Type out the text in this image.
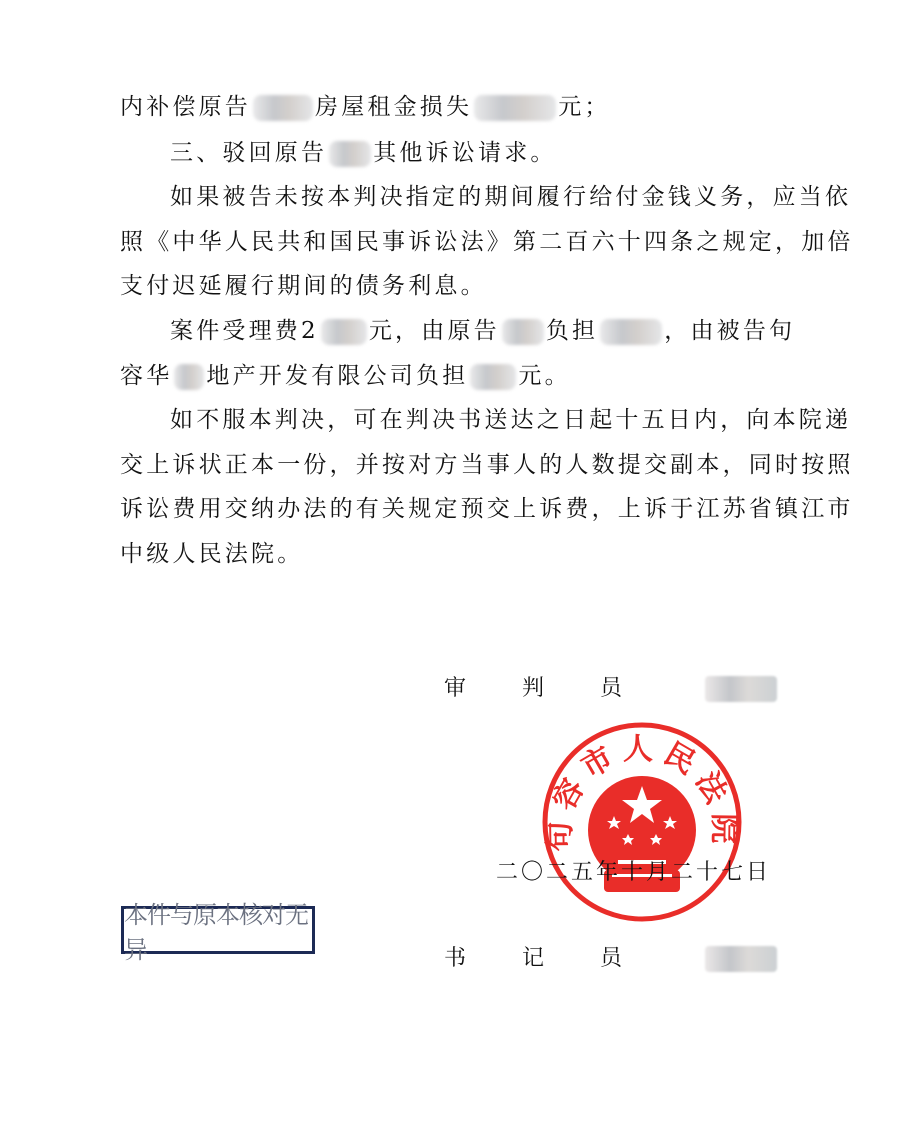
内补偿原告	房屋租金损失	元；
三、驳回原告 其他诉讼请求。
如果被告未按本判决指定的期间履行给付金钱义务，应当依
照《中华人民共和国民事诉讼法》第二百六十四条之规定，加倍
支付迟延履行期间的债务利息。
案件受理费2 元，由原告 负担	，由被告句
容华 地产开发有限公司负担 元。
如不服本判决，可在判决书送达之日起十五日内，向本院递
交上诉状正本一份，并按对方当事人的人数提交副本，同时按照
诉讼费用交纳办法的有关规定预交上诉费，上诉于江苏省镇江市
中级人民法院。
审	判	员
句容市人民法院
二〇二五年十月二十七日
本件与原本核对无异	书	记	员
